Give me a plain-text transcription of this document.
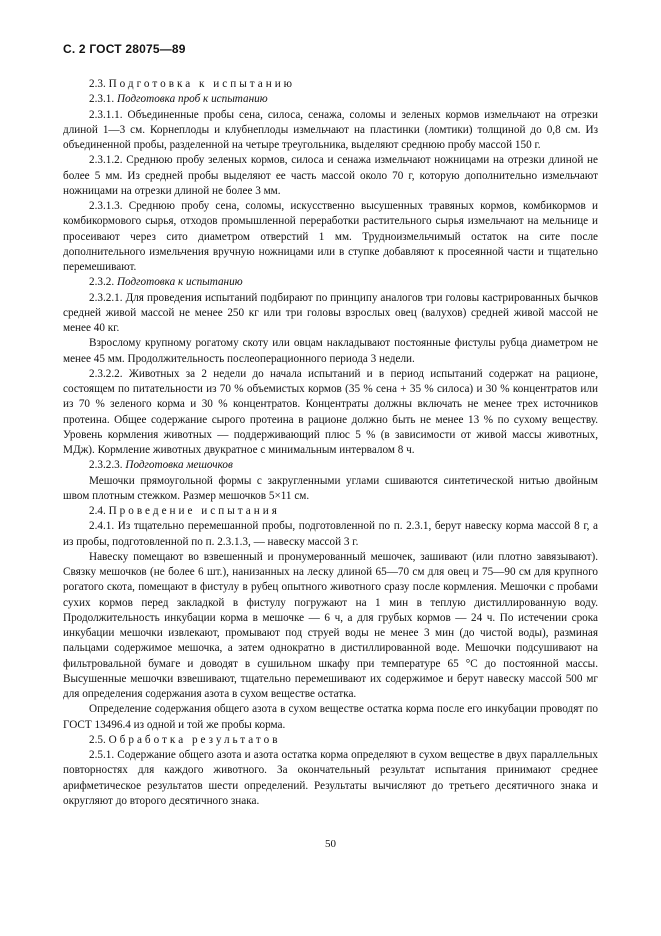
С. 2 ГОСТ 28075—89

2.3. Подготовка к испытанию

2.3.1. Подготовка проб к испытанию

2.3.1.1. Объединенные пробы сена, силоса, сенажа, соломы и зеленых кормов измельчают на отрезки длиной 1—3 см. Корнеплоды и клубнеплоды измельчают на пластинки (ломтики) толщиной до 0,8 см. Из объединенной пробы, разделенной на четыре треугольника, выделяют среднюю пробу массой 150 г.

2.3.1.2. Среднюю пробу зеленых кормов, силоса и сенажа измельчают ножницами на отрезки длиной не более 5 мм. Из средней пробы выделяют ее часть массой около 70 г, которую дополнительно измельчают ножницами на отрезки длиной не более 3 мм.

2.3.1.3. Среднюю пробу сена, соломы, искусственно высушенных травяных кормов, комбикормов и комбикормового сырья, отходов промышленной переработки растительного сырья измельчают на мельнице и просеивают через сито диаметром отверстий 1 мм. Трудноизмельчимый остаток на сите после дополнительного измельчения вручную ножницами или в ступке добавляют к просеянной части и тщательно перемешивают.

2.3.2. Подготовка к испытанию

2.3.2.1. Для проведения испытаний подбирают по принципу аналогов три головы кастрированных бычков средней живой массой не менее 250 кг или три головы взрослых овец (валухов) средней живой массой не менее 40 кг.

Взрослому крупному рогатому скоту или овцам накладывают постоянные фистулы рубца диаметром не менее 45 мм. Продолжительность послеоперационного периода 3 недели.

2.3.2.2. Животных за 2 недели до начала испытаний и в период испытаний содержат на рационе, состоящем по питательности из 70 % объемистых кормов (35 % сена + 35 % силоса) и 30 % концентратов или из 70 % зеленого корма и 30 % концентратов. Концентраты должны включать не менее трех источников протеина. Общее содержание сырого протеина в рационе должно быть не менее 13 % по сухому веществу. Уровень кормления животных — поддерживающий плюс 5 % (в зависимости от живой массы животных, МДж). Кормление животных двукратное с минимальным интервалом 8 ч.

2.3.2.3. Подготовка мешочков

Мешочки прямоугольной формы с закругленными углами сшиваются синтетической нитью двойным швом плотным стежком. Размер мешочков 5×11 см.

2.4. Проведение испытания

2.4.1. Из тщательно перемешанной пробы, подготовленной по п. 2.3.1, берут навеску корма массой 8 г, а из пробы, подготовленной по п. 2.3.1.3, — навеску массой 3 г.

Навеску помещают во взвешенный и пронумерованный мешочек, зашивают (или плотно завязывают). Связку мешочков (не более 6 шт.), нанизанных на леску длиной 65—70 см для овец и 75—90 см для крупного рогатого скота, помещают в фистулу в рубец опытного животного сразу после кормления. Мешочки с пробами сухих кормов перед закладкой в фистулу погружают на 1 мин в теплую дистиллированную воду. Продолжительность инкубации корма в мешочке — 6 ч, а для грубых кормов — 24 ч. По истечении срока инкубации мешочки извлекают, промывают под струей воды не менее 3 мин (до чистой воды), разминая пальцами содержимое мешочка, а затем однократно в дистиллированной воде. Мешочки подсушивают на фильтровальной бумаге и доводят в сушильном шкафу при температуре 65 °С до постоянной массы. Высушенные мешочки взвешивают, тщательно перемешивают их содержимое и берут навеску массой 500 мг для определения содержания азота в сухом веществе остатка.

Определение содержания общего азота в сухом веществе остатка корма после его инкубации проводят по ГОСТ 13496.4 из одной и той же пробы корма.

2.5. Обработка результатов

2.5.1. Содержание общего азота и азота остатка корма определяют в сухом веществе в двух параллельных повторностях для каждого животного. За окончательный результат испытания принимают среднее арифметическое результатов шести определений. Результаты вычисляют до третьего десятичного знака и округляют до второго десятичного знака.

50
